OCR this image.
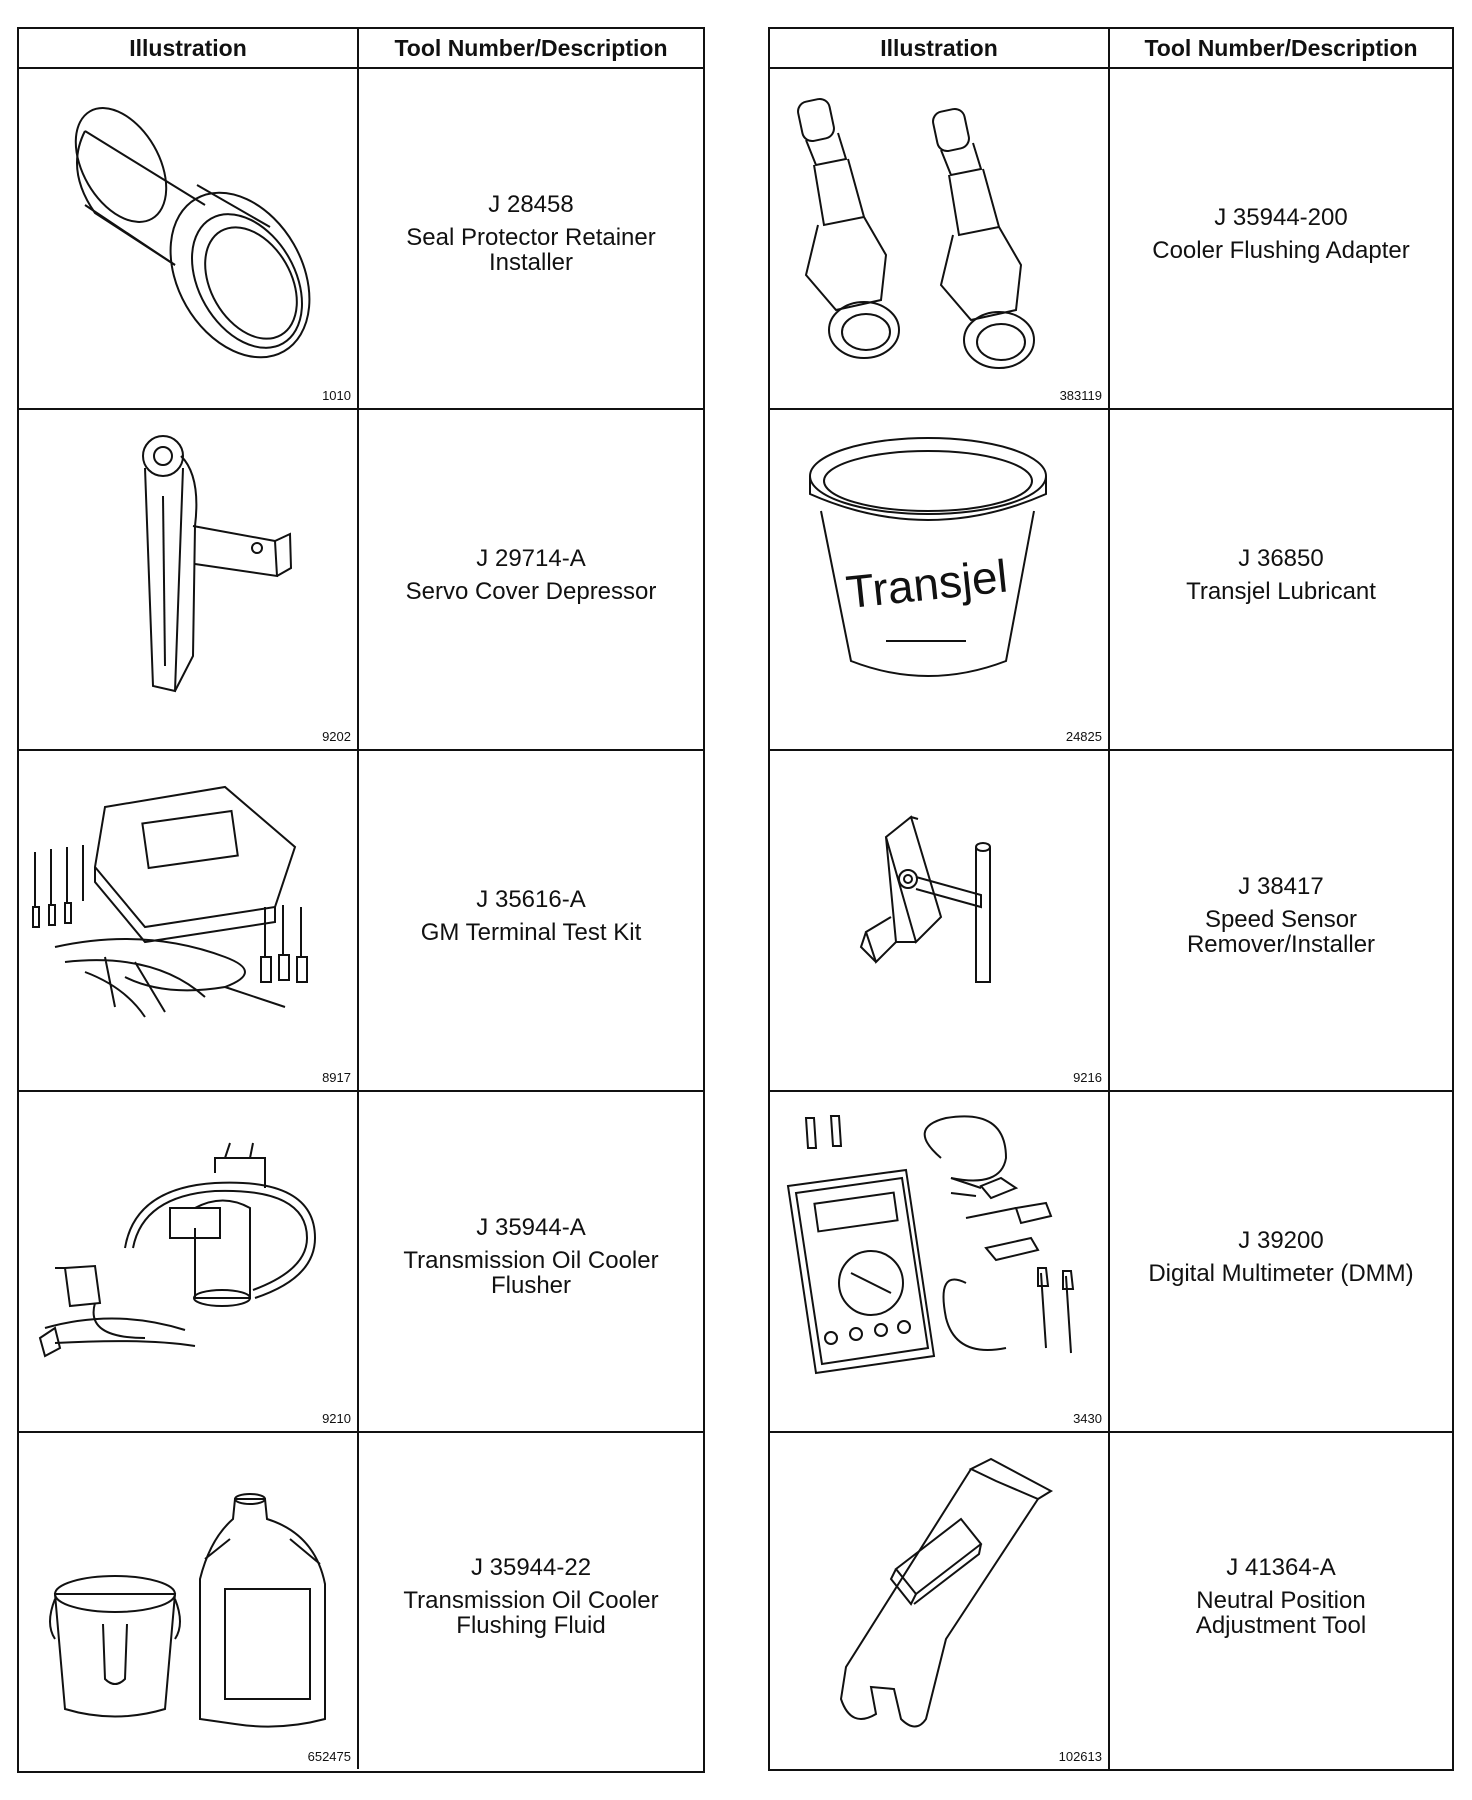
Illustration	Tool Number/Description
1010
J 28458
Seal Protector Retainer
Installer
9202
J 29714-A
Servo Cover Depressor
8917
J 35616-A
GM Terminal Test Kit
9210
J 35944-A
Transmission Oil Cooler
Flusher
652475
J 35944-22
Transmission Oil Cooler
Flushing Fluid
Illustration	Tool Number/Description
383119
J 35944-200
Cooler Flushing Adapter
Transjel
24825
J 36850
Transjel Lubricant
9216
J 38417
Speed Sensor
Remover/Installer
3430
J 39200
Digital Multimeter (DMM)
102613
J 41364-A
Neutral Position
Adjustment Tool
